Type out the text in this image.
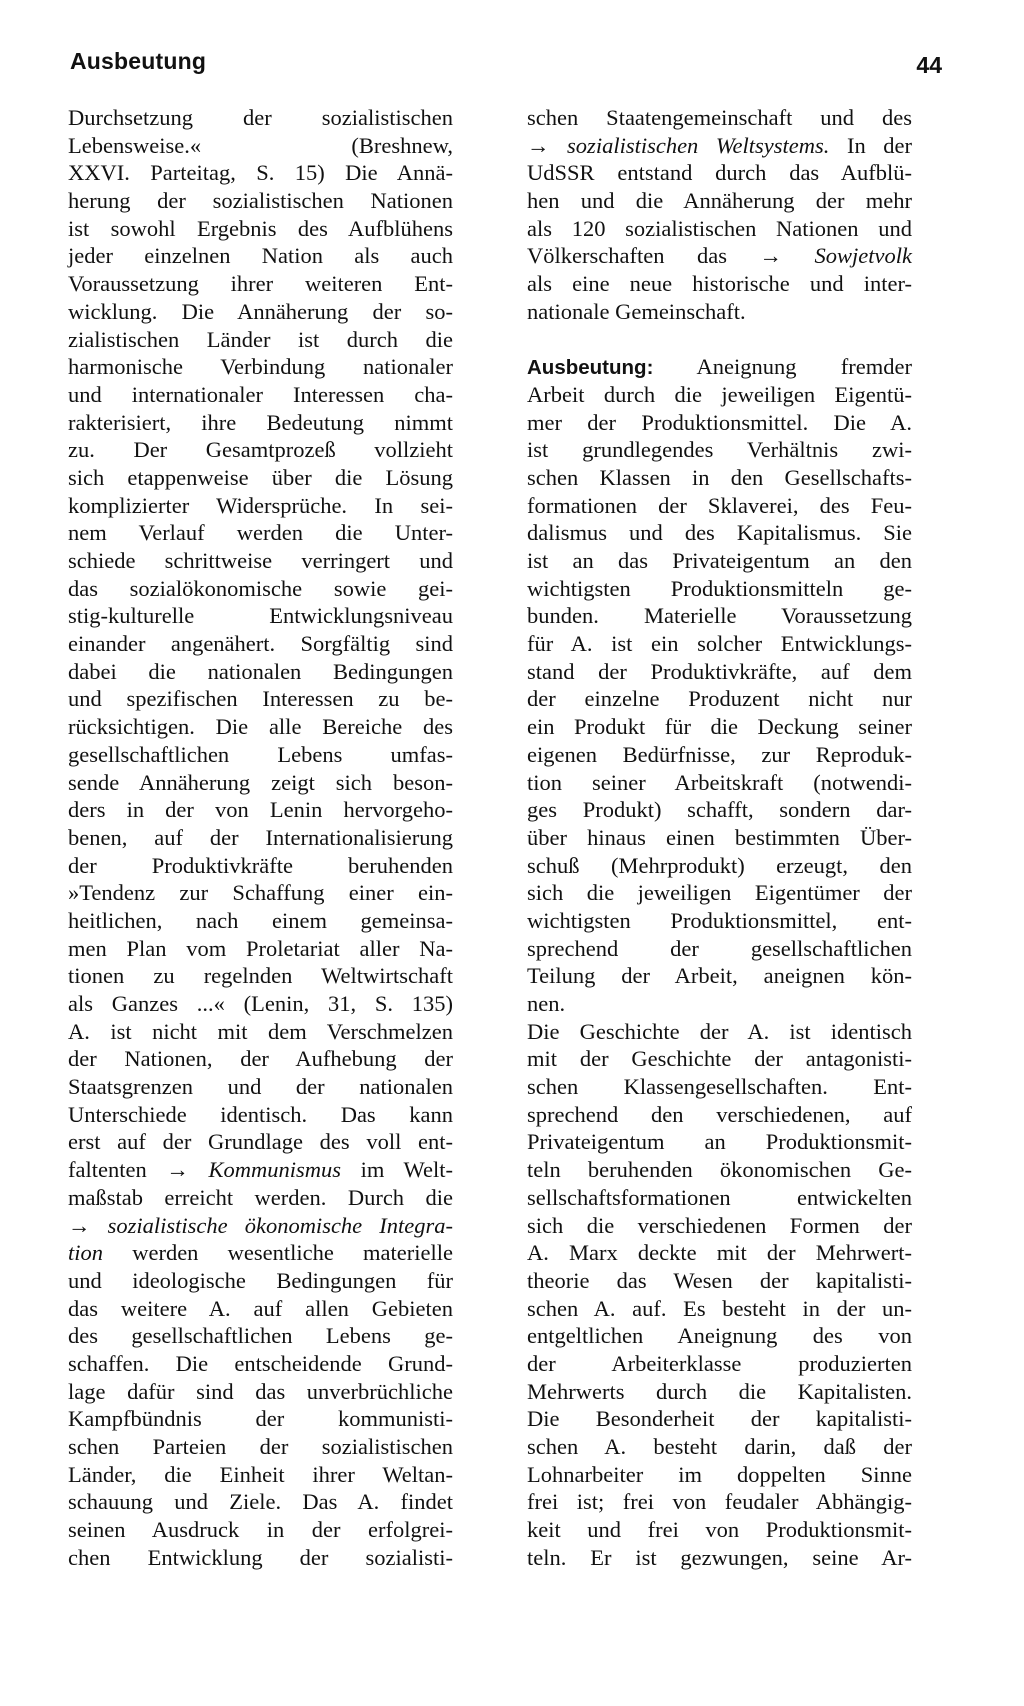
Ausbeutung	44
Durchsetzung der sozialistischen
Lebensweise.« (Breshnew,
XXVI. Parteitag, S. 15) Die Annä-
herung der sozialistischen Nationen
ist sowohl Ergebnis des Aufblühens
jeder einzelnen Nation als auch
Voraussetzung ihrer weiteren Ent-
wicklung. Die Annäherung der so-
zialistischen Länder ist durch die
harmonische Verbindung nationaler
und internationaler Interessen cha-
rakterisiert, ihre Bedeutung nimmt
zu. Der Gesamtprozeß vollzieht
sich etappenweise über die Lösung
komplizierter Widersprüche. In sei-
nem Verlauf werden die Unter-
schiede schrittweise verringert und
das sozialökonomische sowie gei-
stig-kulturelle Entwicklungsniveau
einander angenähert. Sorgfältig sind
dabei die nationalen Bedingungen
und spezifischen Interessen zu be-
rücksichtigen. Die alle Bereiche des
gesellschaftlichen Lebens umfas-
sende Annäherung zeigt sich beson-
ders in der von Lenin hervorgeho-
benen, auf der Internationalisierung
der Produktivkräfte beruhenden
»Tendenz zur Schaffung einer ein-
heitlichen, nach einem gemeinsa-
men Plan vom Proletariat aller Na-
tionen zu regelnden Weltwirtschaft
als Ganzes ...« (Lenin, 31, S. 135)
A. ist nicht mit dem Verschmelzen
der Nationen, der Aufhebung der
Staatsgrenzen und der nationalen
Unterschiede identisch. Das kann
erst auf der Grundlage des voll ent-
faltenten → Kommunismus im Welt-
maßstab erreicht werden. Durch die
→ sozialistische ökonomische Integra-
tion werden wesentliche materielle
und ideologische Bedingungen für
das weitere A. auf allen Gebieten
des gesellschaftlichen Lebens ge-
schaffen. Die entscheidende Grund-
lage dafür sind das unverbrüchliche
Kampfbündnis der kommunisti-
schen Parteien der sozialistischen
Länder, die Einheit ihrer Weltan-
schauung und Ziele. Das A. findet
seinen Ausdruck in der erfolgrei-
chen Entwicklung der sozialisti-
schen Staatengemeinschaft und des
→ sozialistischen Weltsystems. In der
UdSSR entstand durch das Aufblü-
hen und die Annäherung der mehr
als 120 sozialistischen Nationen und
Völkerschaften das → Sowjetvolk
als eine neue historische und inter-
nationale Gemeinschaft.
Ausbeutung: Aneignung fremder
Arbeit durch die jeweiligen Eigentü-
mer der Produktionsmittel. Die A.
ist grundlegendes Verhältnis zwi-
schen Klassen in den Gesellschafts-
formationen der Sklaverei, des Feu-
dalismus und des Kapitalismus. Sie
ist an das Privateigentum an den
wichtigsten Produktionsmitteln ge-
bunden. Materielle Voraussetzung
für A. ist ein solcher Entwicklungs-
stand der Produktivkräfte, auf dem
der einzelne Produzent nicht nur
ein Produkt für die Deckung seiner
eigenen Bedürfnisse, zur Reproduk-
tion seiner Arbeitskraft (notwendi-
ges Produkt) schafft, sondern dar-
über hinaus einen bestimmten Über-
schuß (Mehrprodukt) erzeugt, den
sich die jeweiligen Eigentümer der
wichtigsten Produktionsmittel, ent-
sprechend der gesellschaftlichen
Teilung der Arbeit, aneignen kön-
nen.
Die Geschichte der A. ist identisch
mit der Geschichte der antagonisti-
schen Klassengesellschaften. Ent-
sprechend den verschiedenen, auf
Privateigentum an Produktionsmit-
teln beruhenden ökonomischen Ge-
sellschaftsformationen entwickelten
sich die verschiedenen Formen der
A. Marx deckte mit der Mehrwert-
theorie das Wesen der kapitalisti-
schen A. auf. Es besteht in der un-
entgeltlichen Aneignung des von
der Arbeiterklasse produzierten
Mehrwerts durch die Kapitalisten.
Die Besonderheit der kapitalisti-
schen A. besteht darin, daß der
Lohnarbeiter im doppelten Sinne
frei ist; frei von feudaler Abhängig-
keit und frei von Produktionsmit-
teln. Er ist gezwungen, seine Ar-
